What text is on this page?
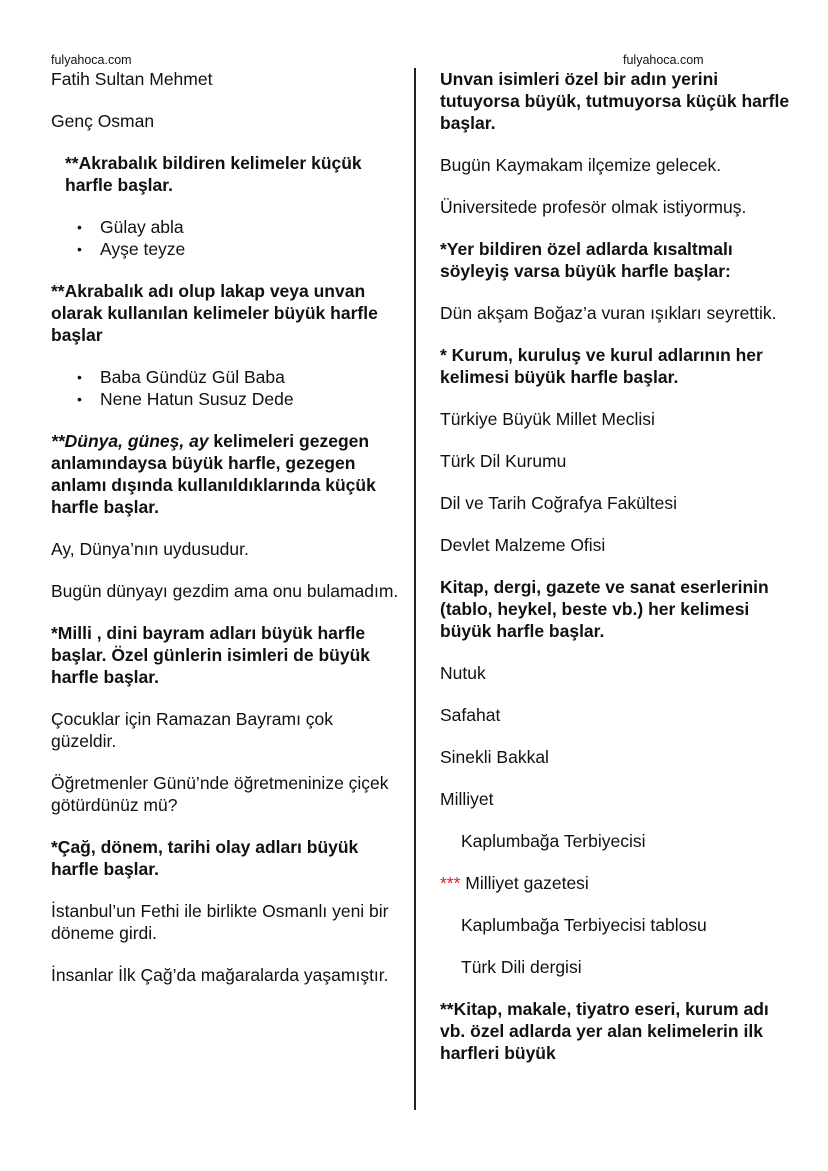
fulyahoca.com	fulyahoca.com

Fatih Sultan Mehmet

Genç Osman

**Akrabalık bildiren kelimeler küçük harfle başlar.

• Gülay abla
• Ayşe teyze

**Akrabalık adı olup lakap veya unvan olarak kullanılan kelimeler büyük harfle başlar

• Baba Gündüz Gül Baba
• Nene Hatun Susuz Dede

**Dünya, güneş, ay kelimeleri gezegen anlamındaysa büyük harfle, gezegen anlamı dışında kullanıldıklarında küçük harfle başlar.

Ay, Dünya’nın uydusudur.

Bugün dünyayı gezdim ama onu bulamadım.

*Milli , dini bayram adları büyük harfle başlar. Özel günlerin isimleri de büyük harfle başlar.

Çocuklar için Ramazan Bayramı çok güzeldir.

Öğretmenler Günü’nde öğretmeninize çiçek götürdünüz mü?

*Çağ, dönem, tarihi olay adları büyük harfle başlar.

İstanbul’un Fethi ile birlikte Osmanlı yeni bir döneme girdi.

İnsanlar İlk Çağ’da mağaralarda yaşamıştır.

Unvan isimleri özel bir adın yerini tutuyorsa büyük, tutmuyorsa küçük harfle başlar.

Bugün Kaymakam ilçemize gelecek.

Üniversitede profesör olmak istiyormuş.

*Yer bildiren özel adlarda kısaltmalı söyleyiş varsa büyük harfle başlar:

Dün akşam Boğaz’a vuran ışıkları seyrettik.

* Kurum, kuruluş ve kurul adlarının her kelimesi büyük harfle başlar.

Türkiye Büyük Millet Meclisi

Türk Dil Kurumu

Dil ve Tarih Coğrafya Fakültesi

Devlet Malzeme Ofisi

Kitap, dergi, gazete ve sanat eserlerinin (tablo, heykel, beste vb.) her kelimesi büyük harfle başlar.

Nutuk

Safahat

Sinekli Bakkal

Milliyet

Kaplumbağa Terbiyecisi

*** Milliyet gazetesi

Kaplumbağa Terbiyecisi tablosu

Türk Dili dergisi

**Kitap, makale, tiyatro eseri, kurum adı vb. özel adlarda yer alan kelimelerin ilk harfleri büyük
